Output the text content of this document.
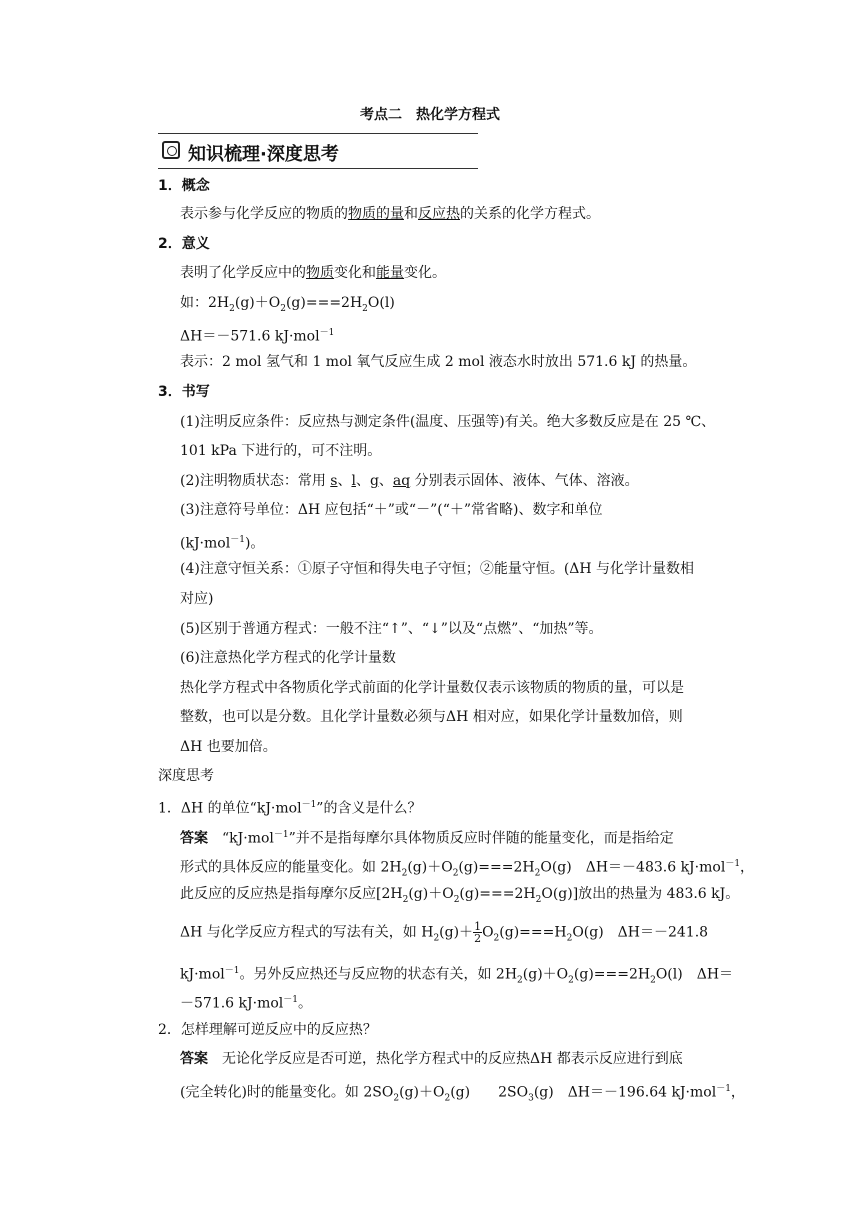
考点二　热化学方程式
知识梳理·深度思考
1．概念
表示参与化学反应的物质的物质的量和反应热的关系的化学方程式。
2．意义
表明了化学反应中的物质变化和能量变化。
如：$2H_2(g)+O_2(g)===2H_2O(l)$
ΔH＝－571.6 kJ·mol$^{-1}$
表示：2 mol 氢气和 1 mol 氧气反应生成 2 mol 液态水时放出 571.6 kJ 的热量。
3．书写
(1)注明反应条件：反应热与测定条件(温度、压强等)有关。绝大多数反应是在 25 ℃、
101 kPa 下进行的，可不注明。
(2)注明物质状态：常用 s、l、g、aq 分别表示固体、液体、气体、溶液。
(3)注意符号单位：ΔH 应包括“＋”或“－”(“＋”常省略)、数字和单位
(kJ·mol$^{-1}$)。
(4)注意守恒关系：①原子守恒和得失电子守恒；②能量守恒。(ΔH 与化学计量数相
对应)
(5)区别于普通方程式：一般不注“↑”、“↓”以及“点燃”、“加热”等。
(6)注意热化学方程式的化学计量数
热化学方程式中各物质化学式前面的化学计量数仅表示该物质的物质的量，可以是
整数，也可以是分数。且化学计量数必须与ΔH 相对应，如果化学计量数加倍，则
ΔH 也要加倍。
深度思考
1．ΔH 的单位“kJ·mol$^{-1}$”的含义是什么？
答案　“kJ·mol$^{-1}$”并不是指每摩尔具体物质反应时伴随的能量变化，而是指给定
形式的具体反应的能量变化。如 $2H_2(g)+O_2(g)===2H_2O(g)$　ΔH＝－483.6 kJ·mol$^{-1}$，
此反应的反应热是指每摩尔反应$[2H_2(g)+O_2(g)===2H_2O(g)]$放出的热量为 483.6 kJ。
ΔH 与化学反应方程式的写法有关，如 $H_2(g)+ \frac{1}{2} O_2(g)===H_2O(g)$　ΔH＝－241.8
kJ·mol$^{-1}$。另外反应热还与反应物的状态有关，如 $2H_2(g)+O_2(g)===2H_2O(l)$　ΔH＝
－571.6 kJ·mol$^{-1}$。
2．怎样理解可逆反应中的反应热？
答案　无论化学反应是否可逆，热化学方程式中的反应热ΔH 都表示反应进行到底
(完全转化)时的能量变化。如 $2SO_2(g)+O_2(g)$　　$2SO_3(g)$　ΔH＝－196.64 kJ·mol$^{-1}$，
